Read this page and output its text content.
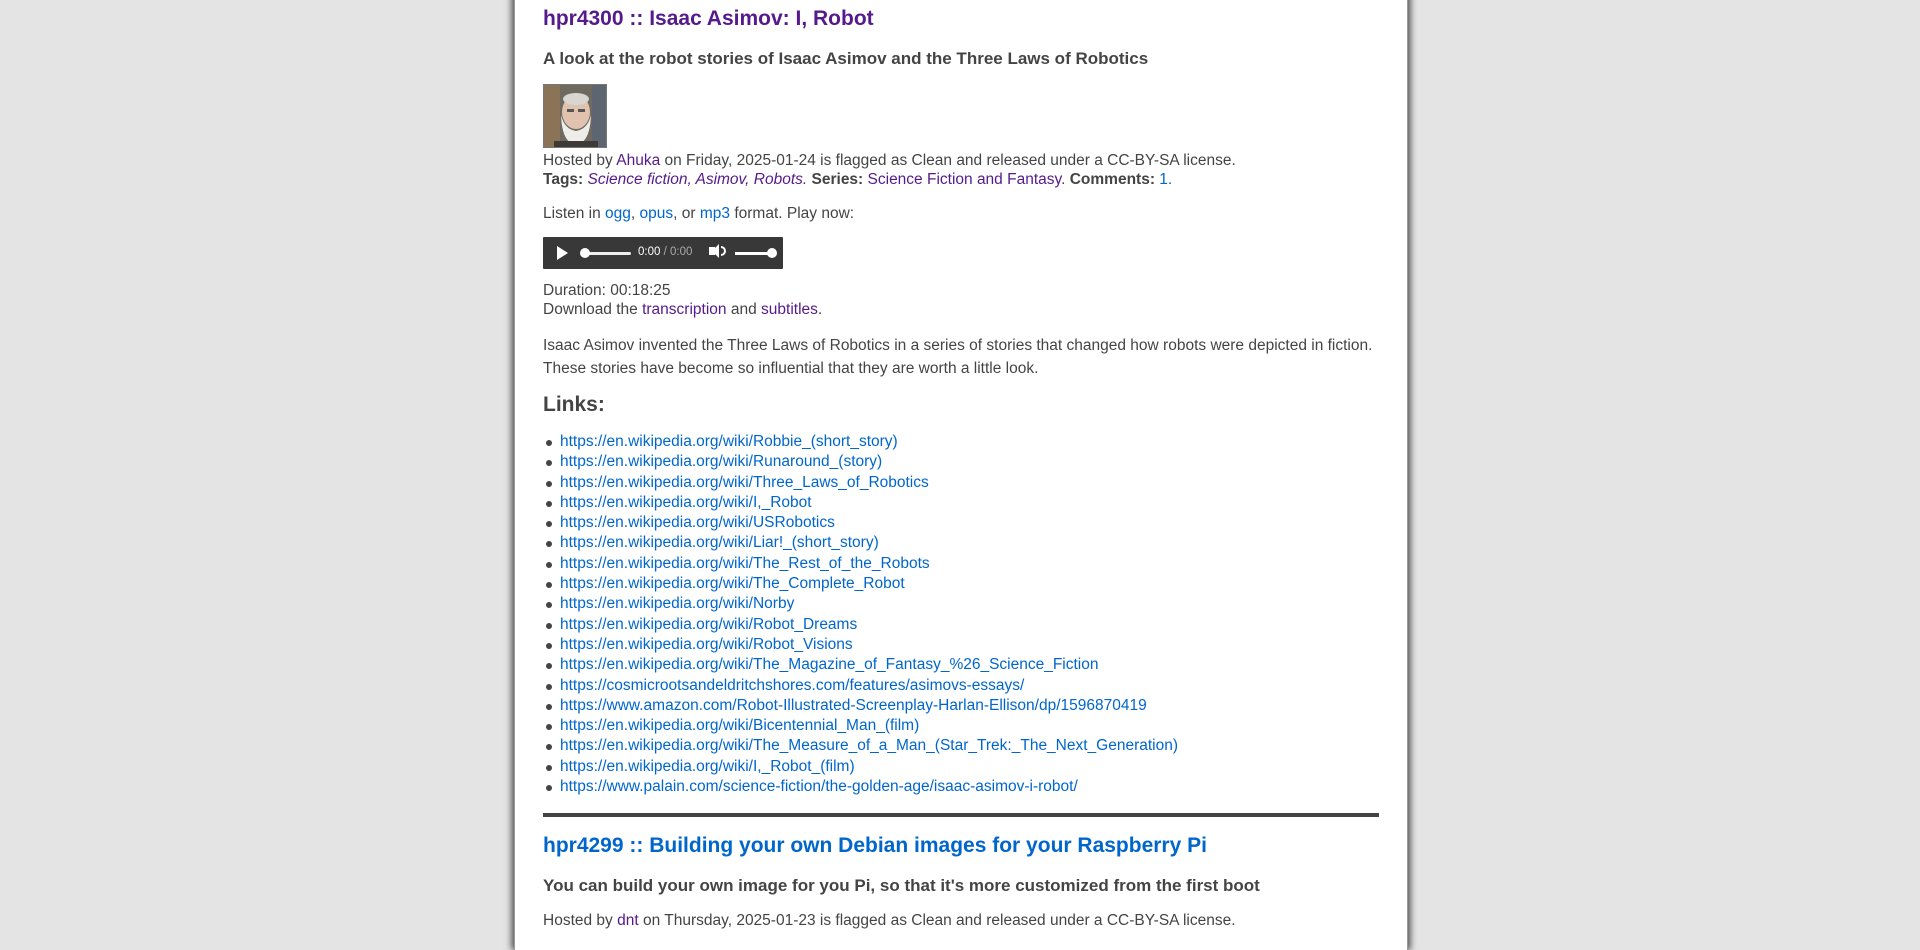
hpr4300 :: Isaac Asimov: I, Robot
A look at the robot stories of Isaac Asimov and the Three Laws of Robotics
Hosted by Ahuka on Friday, 2025-01-24 is flagged as Clean and released under a CC-BY-SA license.
Tags: Science fiction, Asimov, Robots. Series: Science Fiction and Fantasy. Comments: 1.
Listen in ogg, opus, or mp3 format. Play now:
0:00 / 0:00
Duration: 00:18:25
Download the transcription and subtitles.

Isaac Asimov invented the Three Laws of Robotics in a series of stories that changed how robots were depicted in fiction. These stories have become so influential that they are worth a little look.

Links:
https://en.wikipedia.org/wiki/Robbie_(short_story)
https://en.wikipedia.org/wiki/Runaround_(story)
https://en.wikipedia.org/wiki/Three_Laws_of_Robotics
https://en.wikipedia.org/wiki/I,_Robot
https://en.wikipedia.org/wiki/USRobotics
https://en.wikipedia.org/wiki/Liar!_(short_story)
https://en.wikipedia.org/wiki/The_Rest_of_the_Robots
https://en.wikipedia.org/wiki/The_Complete_Robot
https://en.wikipedia.org/wiki/Norby
https://en.wikipedia.org/wiki/Robot_Dreams
https://en.wikipedia.org/wiki/Robot_Visions
https://en.wikipedia.org/wiki/The_Magazine_of_Fantasy_%26_Science_Fiction
https://cosmicrootsandeldritchshores.com/features/asimovs-essays/
https://www.amazon.com/Robot-Illustrated-Screenplay-Harlan-Ellison/dp/1596870419
https://en.wikipedia.org/wiki/Bicentennial_Man_(film)
https://en.wikipedia.org/wiki/The_Measure_of_a_Man_(Star_Trek:_The_Next_Generation)
https://en.wikipedia.org/wiki/I,_Robot_(film)
https://www.palain.com/science-fiction/the-golden-age/isaac-asimov-i-robot/
hpr4299 :: Building your own Debian images for your Raspberry Pi
You can build your own image for you Pi, so that it's more customized from the first boot
Hosted by dnt on Thursday, 2025-01-23 is flagged as Clean and released under a CC-BY-SA license.
